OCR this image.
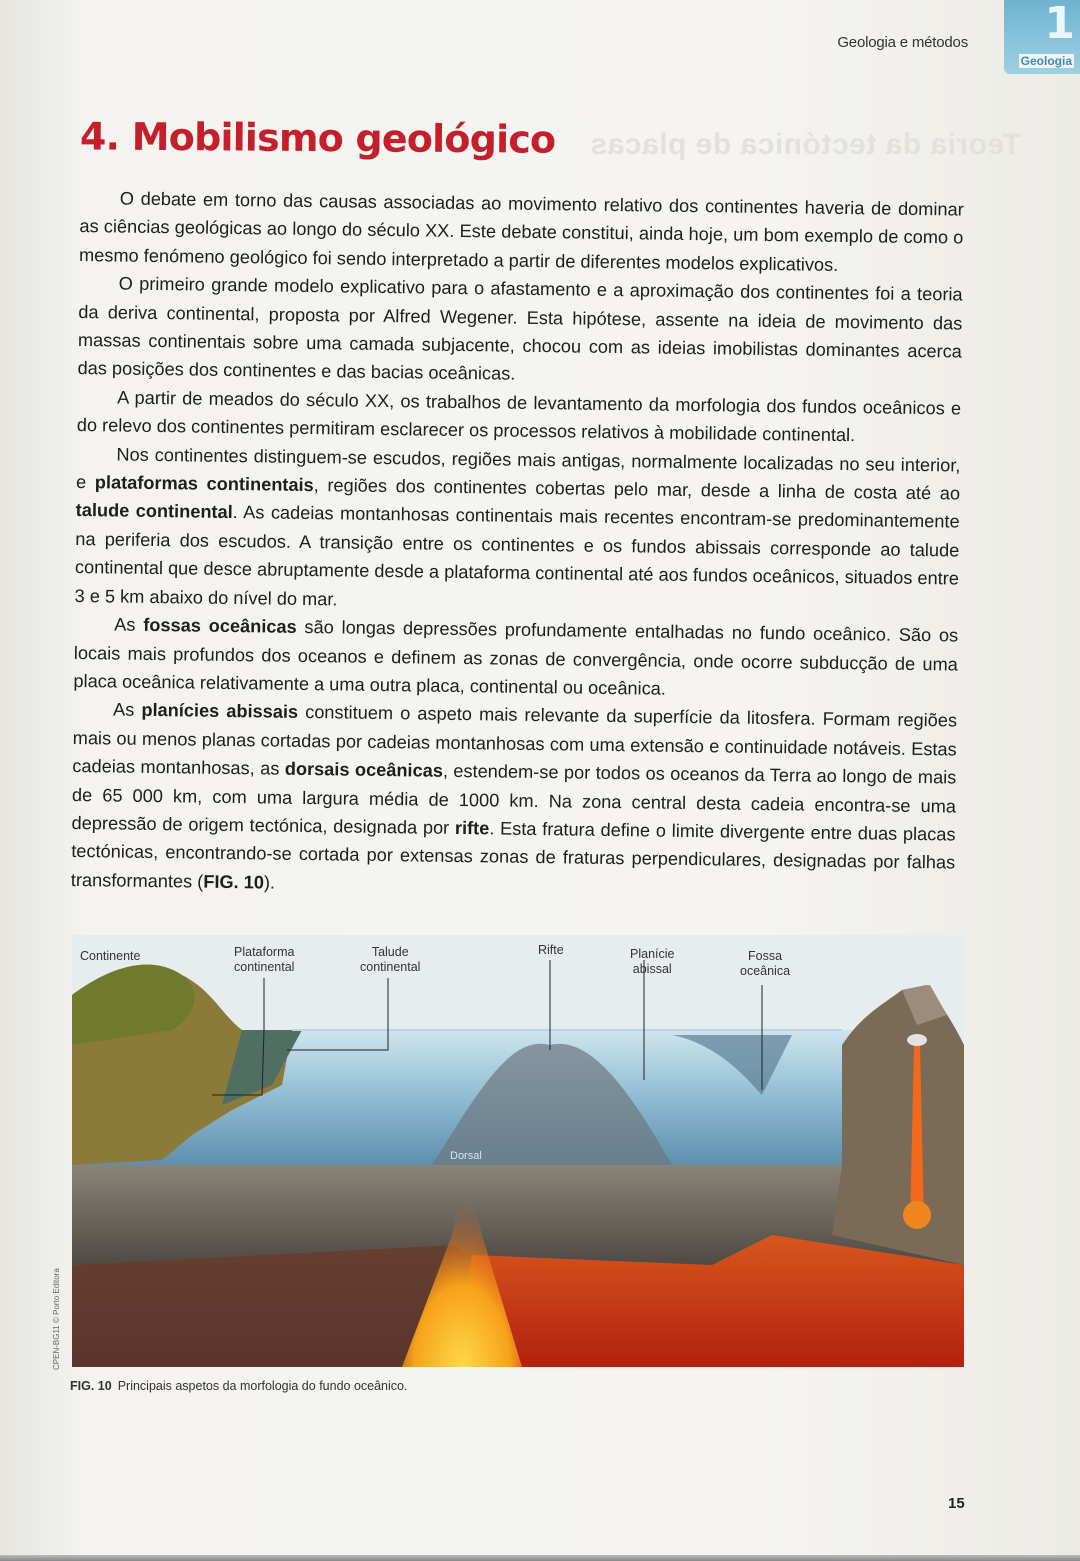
1
Geologia
Geologia e métodos
Teoria da tectónica de placas
4. Mobilismo geológico

O debate em torno das causas associadas ao movimento relativo dos continentes haveria de dominar as ciências geológicas ao longo do século XX. Este debate constitui, ainda hoje, um bom exemplo de como o mesmo fenómeno geológico foi sendo interpretado a partir de diferentes modelos explicativos.

O primeiro grande modelo explicativo para o afastamento e a aproximação dos continentes foi a teoria da deriva continental, proposta por Alfred Wegener. Esta hipótese, assente na ideia de movimento das massas continentais sobre uma camada subjacente, chocou com as ideias imobilistas dominantes acerca das posições dos continentes e das bacias oceânicas.

A partir de meados do século XX, os trabalhos de levantamento da morfologia dos fundos oceânicos e do relevo dos continentes permitiram esclarecer os processos relativos à mobilidade continental.

Nos continentes distinguem-se escudos, regiões mais antigas, normalmente localizadas no seu interior, e plataformas continentais, regiões dos continentes cobertas pelo mar, desde a linha de costa até ao talude continental. As cadeias montanhosas continentais mais recentes encontram-se predominantemente na periferia dos escudos. A transição entre os continentes e os fundos abissais corresponde ao talude continental que desce abruptamente desde a plataforma continental até aos fundos oceânicos, situados entre 3 e 5 km abaixo do nível do mar.

As fossas oceânicas são longas depressões profundamente entalhadas no fundo oceânico. São os locais mais profundos dos oceanos e definem as zonas de convergência, onde ocorre subducção de uma placa oceânica relativamente a uma outra placa, continental ou oceânica.

As planícies abissais constituem o aspeto mais relevante da superfície da litosfera. Formam regiões mais ou menos planas cortadas por cadeias montanhosas com uma extensão e continuidade notáveis. Estas cadeias montanhosas, as dorsais oceânicas, estendem-se por todos os oceanos da Terra ao longo de mais de 65 000 km, com uma largura média de 1000 km. Na zona central desta cadeia encontra-se uma depressão de origem tectónica, designada por rifte. Esta fratura define o limite divergente entre duas placas tectónicas, encontrando-se cortada por extensas zonas de fraturas perpendiculares, designadas por falhas transformantes (FIG. 10).

Continente	Plataforma
continental
Talude
continental
Rifte	Planície
abissal
Fossa
oceânica
Dorsal
FIG. 10 Principais aspetos da morfologia do fundo oceânico.
CPEN-BG11 © Porto Editora
15
